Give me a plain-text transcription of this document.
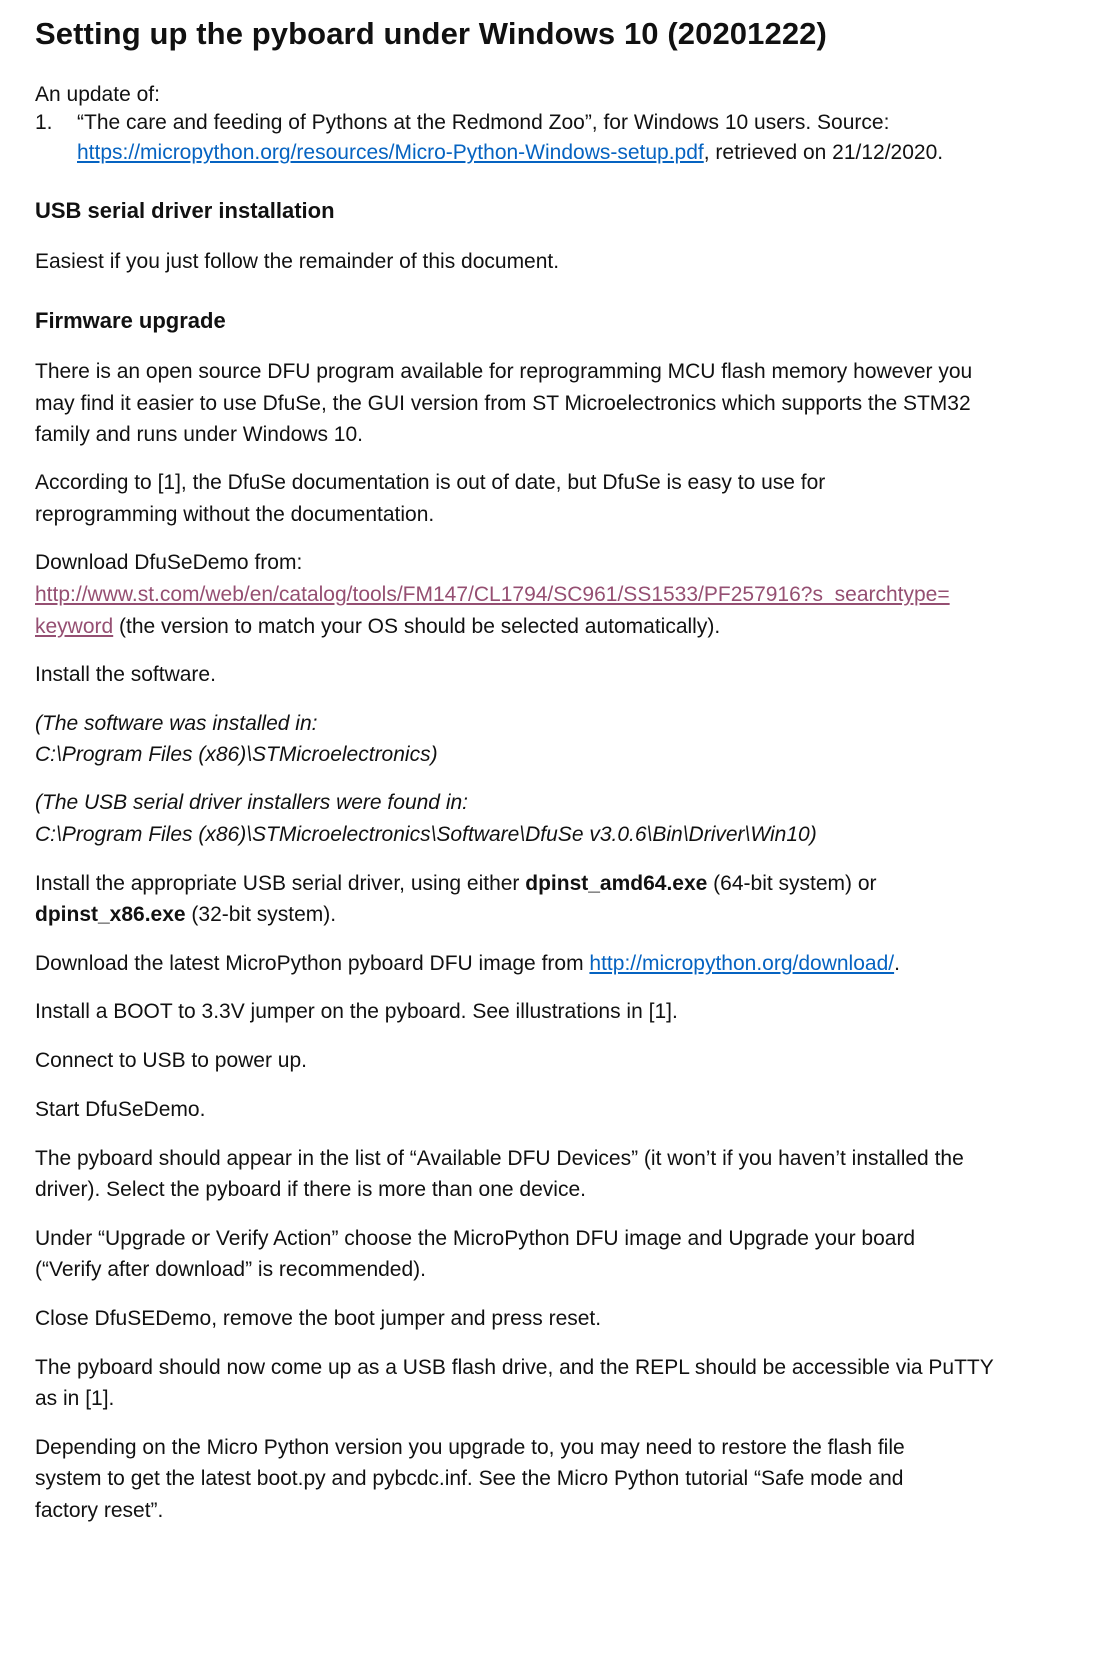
Setting up the pyboard under Windows 10 (20201222)
An update of:
1. “The care and feeding of Pythons at the Redmond Zoo”, for Windows 10 users. Source:
https://micropython.org/resources/Micro-Python-Windows-setup.pdf, retrieved on 21/12/2020.
USB serial driver installation
Easiest if you just follow the remainder of this document.
Firmware upgrade
There is an open source DFU program available for reprogramming MCU flash memory however you
may find it easier to use DfuSe, the GUI version from ST Microelectronics which supports the STM32
family and runs under Windows 10.
According to [1], the DfuSe documentation is out of date, but DfuSe is easy to use for
reprogramming without the documentation.
Download DfuSeDemo from:
http://www.st.com/web/en/catalog/tools/FM147/CL1794/SC961/SS1533/PF257916?s_searchtype=
keyword (the version to match your OS should be selected automatically).
Install the software.
(The software was installed in:
C:\Program Files (x86)\STMicroelectronics)
(The USB serial driver installers were found in:
C:\Program Files (x86)\STMicroelectronics\Software\DfuSe v3.0.6\Bin\Driver\Win10)
Install the appropriate USB serial driver, using either dpinst_amd64.exe (64-bit system) or
dpinst_x86.exe (32-bit system).
Download the latest MicroPython pyboard DFU image from http://micropython.org/download/.
Install a BOOT to 3.3V jumper on the pyboard. See illustrations in [1].
Connect to USB to power up.
Start DfuSeDemo.
The pyboard should appear in the list of “Available DFU Devices” (it won’t if you haven’t installed the
driver). Select the pyboard if there is more than one device.
Under “Upgrade or Verify Action” choose the MicroPython DFU image and Upgrade your board
(“Verify after download” is recommended).
Close DfuSEDemo, remove the boot jumper and press reset.
The pyboard should now come up as a USB flash drive, and the REPL should be accessible via PuTTY
as in [1].
Depending on the Micro Python version you upgrade to, you may need to restore the flash file
system to get the latest boot.py and pybcdc.inf. See the Micro Python tutorial “Safe mode and
factory reset”.
